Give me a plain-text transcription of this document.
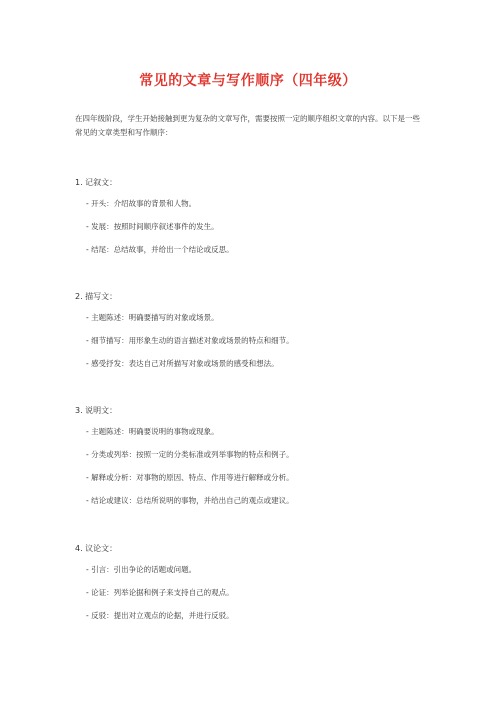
常见的文章与写作顺序（四年级）
在四年级阶段，学生开始接触到更为复杂的文章写作，需要按照一定的顺序组织文章的内容。以下是一些常见的文章类型和写作顺序：
1. 记叙文：
- 开头：介绍故事的背景和人物。
- 发展：按照时间顺序叙述事件的发生。
- 结尾：总结故事，并给出一个结论或反思。
2. 描写文：
- 主题陈述：明确要描写的对象或场景。
- 细节描写：用形象生动的语言描述对象或场景的特点和细节。
- 感受抒发：表达自己对所描写对象或场景的感受和想法。
3. 说明文：
- 主题陈述：明确要说明的事物或现象。
- 分类或列举：按照一定的分类标准或列举事物的特点和例子。
- 解释或分析：对事物的原因、特点、作用等进行解释或分析。
- 结论或建议：总结所说明的事物，并给出自己的观点或建议。
4. 议论文：
- 引言：引出争论的话题或问题。
- 论证：列举论据和例子来支持自己的观点。
- 反驳：提出对立观点的论据，并进行反驳。
